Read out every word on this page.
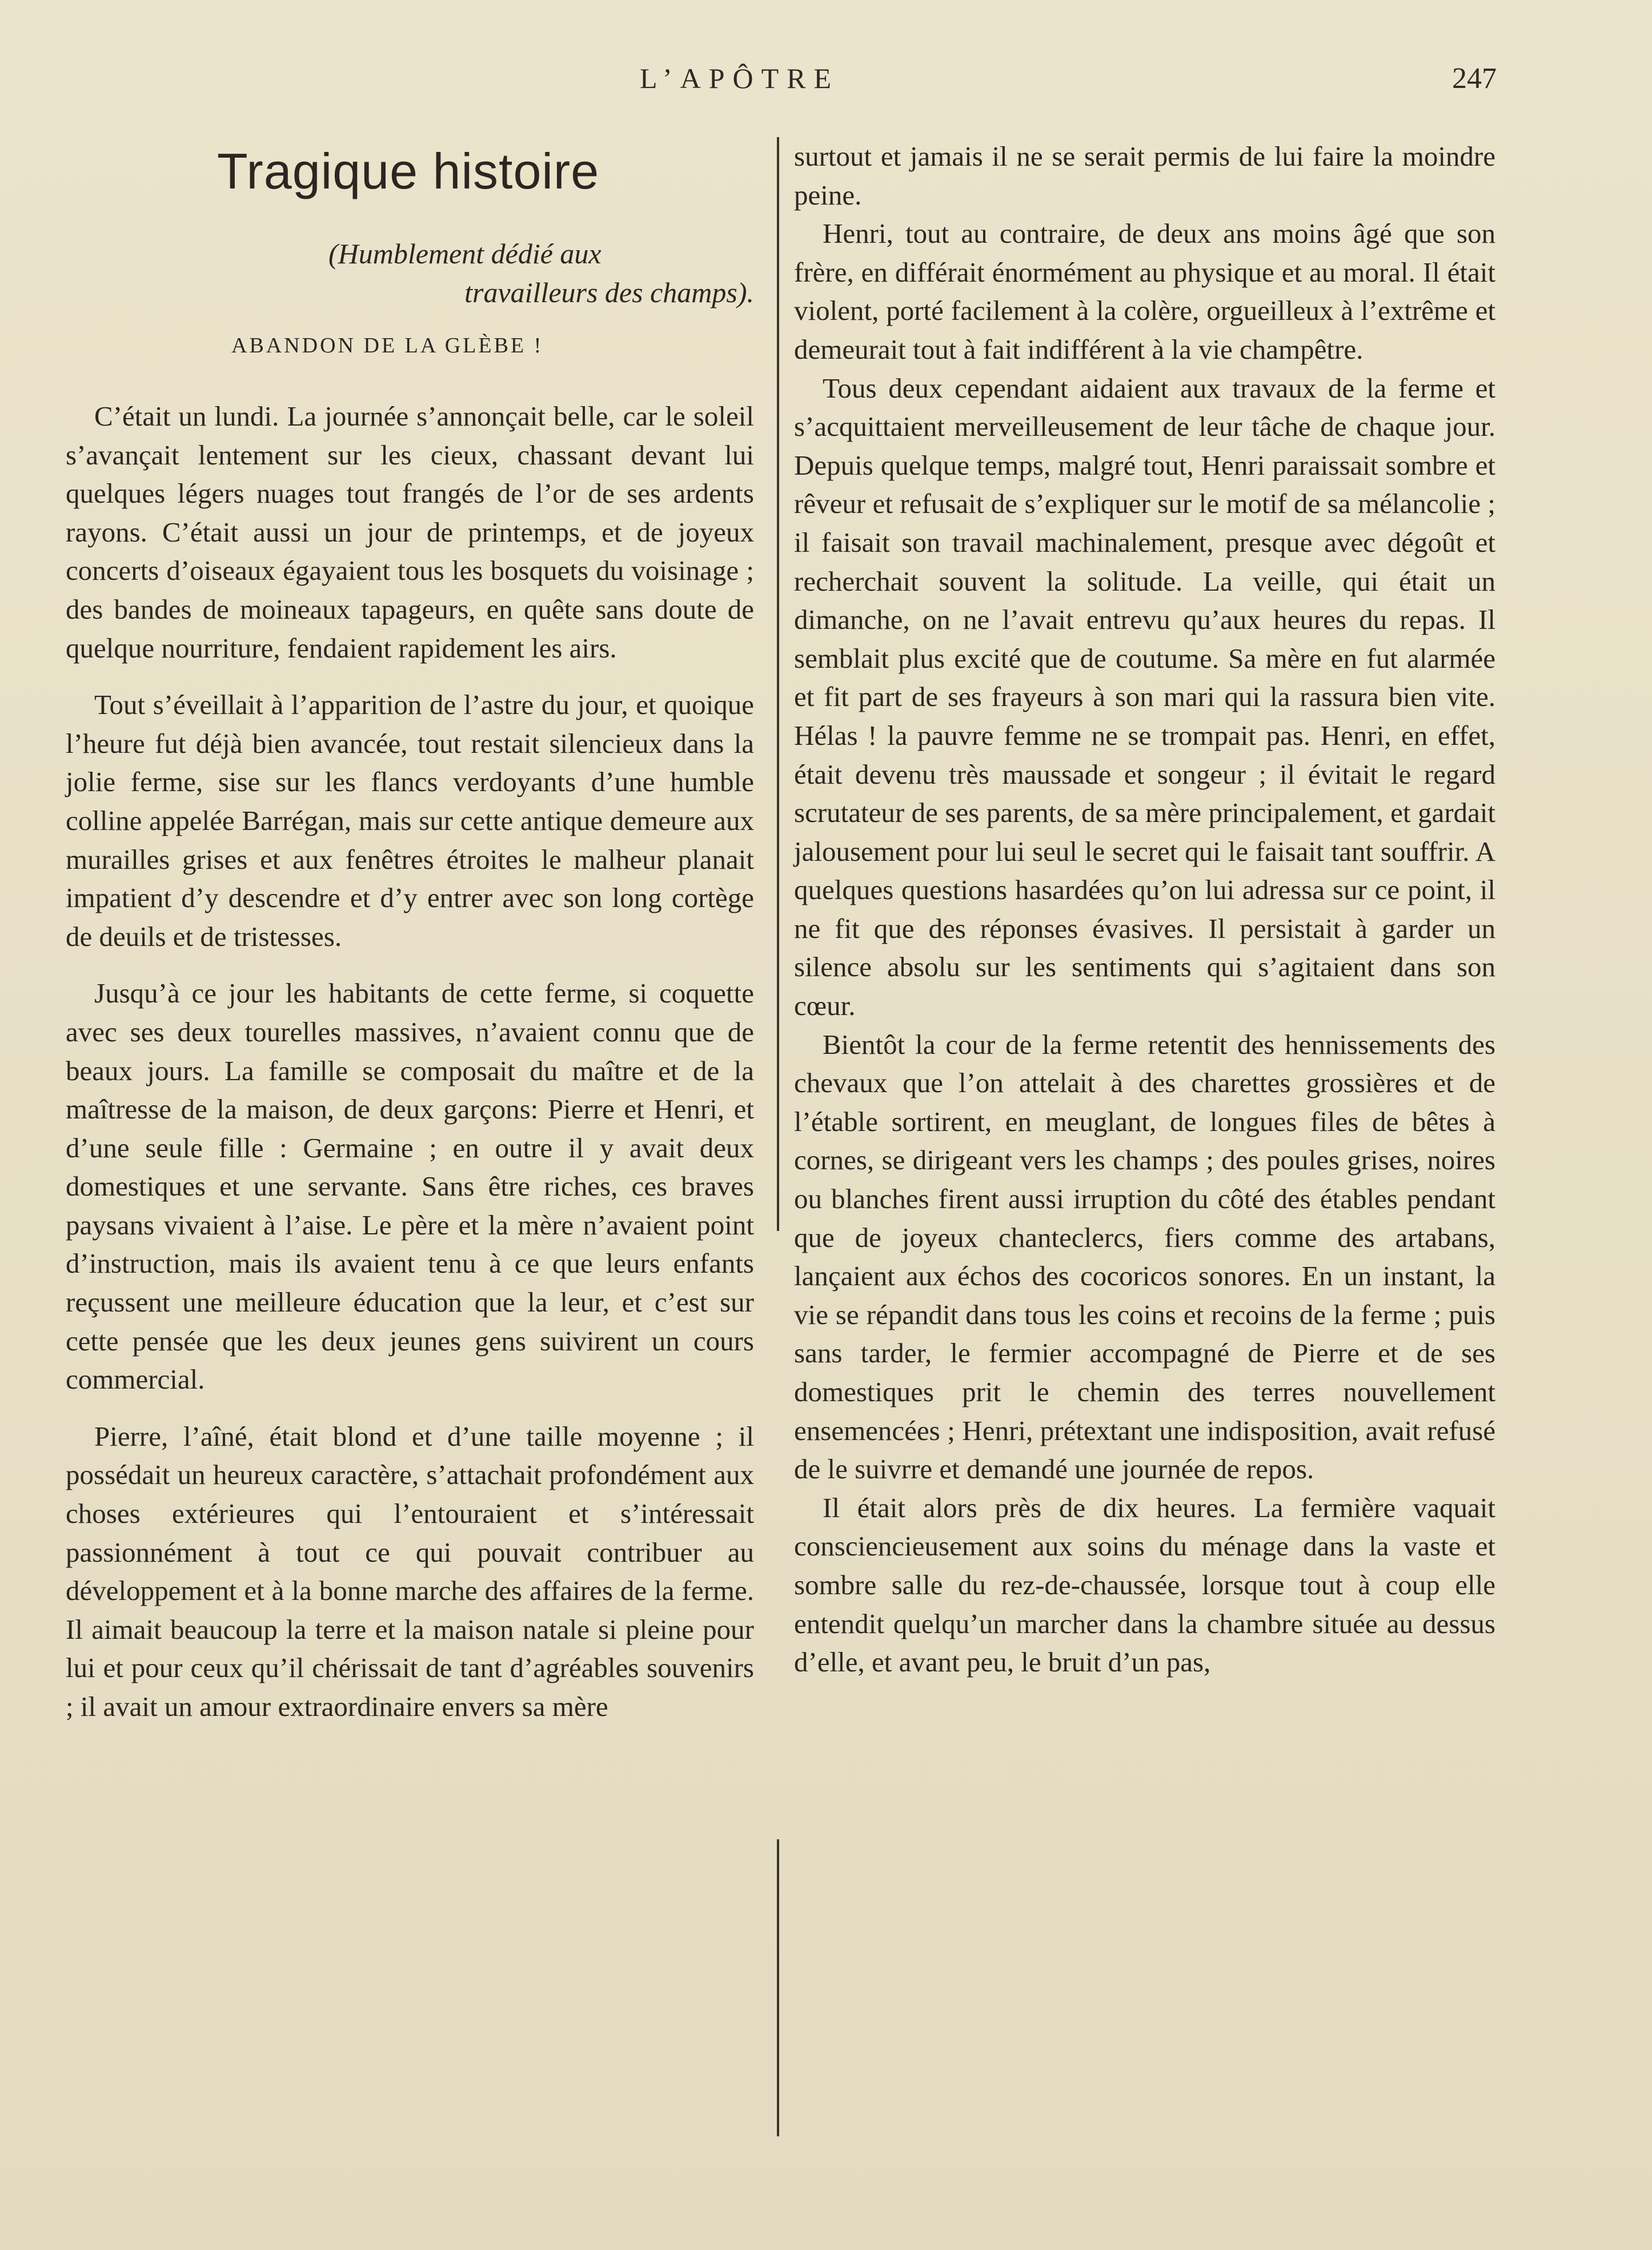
L’APÔTRE	247
Tragique histoire
(Humblement dédié aux
travailleurs des champs).
ABANDON DE LA GLÈBE !

C’était un lundi. La journée s’annonçait belle, car le soleil s’avançait lentement sur les cieux, chassant devant lui quelques légers nuages tout frangés de l’or de ses ardents rayons. C’était aussi un jour de printemps, et de joyeux concerts d’oiseaux égayaient tous les bosquets du voisinage ; des bandes de moineaux tapageurs, en quête sans doute de quelque nourriture, fendaient rapidement les airs.

Tout s’éveillait à l’apparition de l’astre du jour, et quoique l’heure fut déjà bien avancée, tout restait silencieux dans la jolie ferme, sise sur les flancs verdoyants d’une humble colline appelée Barrégan, mais sur cette antique demeure aux murailles grises et aux fenêtres étroites le malheur planait impatient d’y descendre et d’y entrer avec son long cortège de deuils et de tristesses.

Jusqu’à ce jour les habitants de cette ferme, si coquette avec ses deux tourelles massives, n’avaient connu que de beaux jours. La famille se composait du maître et de la maîtresse de la maison, de deux garçons: Pierre et Henri, et d’une seule fille : Germaine ; en outre il y avait deux domestiques et une servante. Sans être riches, ces braves paysans vivaient à l’aise. Le père et la mère n’avaient point d’instruction, mais ils avaient tenu à ce que leurs enfants reçussent une meilleure éducation que la leur, et c’est sur cette pensée que les deux jeunes gens suivirent un cours commercial.

Pierre, l’aîné, était blond et d’une taille moyenne ; il possédait un heureux caractère, s’attachait profondément aux choses extérieures qui l’entouraient et s’intéressait passionnément à tout ce qui pouvait contribuer au développement et à la bonne marche des affaires de la ferme. Il aimait beaucoup la terre et la maison natale si pleine pour lui et pour ceux qu’il chérissait de tant d’agréables souvenirs ; il avait un amour extraordinaire envers sa mère

surtout et jamais il ne se serait permis de lui faire la moindre peine.

Henri, tout au contraire, de deux ans moins âgé que son frère, en différait énormément au physique et au moral. Il était violent, porté facilement à la colère, orgueilleux à l’extrême et demeurait tout à fait indifférent à la vie champêtre.

Tous deux cependant aidaient aux travaux de la ferme et s’acquittaient merveilleusement de leur tâche de chaque jour. Depuis quelque temps, malgré tout, Henri paraissait sombre et rêveur et refusait de s’expliquer sur le motif de sa mélancolie ; il faisait son travail machinalement, presque avec dégoût et recherchait souvent la solitude. La veille, qui était un dimanche, on ne l’avait entrevu qu’aux heures du repas. Il semblait plus excité que de coutume. Sa mère en fut alarmée et fit part de ses frayeurs à son mari qui la rassura bien vite. Hélas ! la pauvre femme ne se trompait pas. Henri, en effet, était devenu très maussade et songeur ; il évitait le regard scrutateur de ses parents, de sa mère principalement, et gardait jalousement pour lui seul le secret qui le faisait tant souffrir. A quelques questions hasardées qu’on lui adressa sur ce point, il ne fit que des réponses évasives. Il persistait à garder un silence absolu sur les sentiments qui s’agitaient dans son cœur.

Bientôt la cour de la ferme retentit des hennissements des chevaux que l’on attelait à des charettes grossières et de l’étable sortirent, en meuglant, de longues files de bêtes à cornes, se dirigeant vers les champs ; des poules grises, noires ou blanches firent aussi irruption du côté des étables pendant que de joyeux chanteclercs, fiers comme des artabans, lançaient aux échos des cocoricos sonores. En un instant, la vie se répandit dans tous les coins et recoins de la ferme ; puis sans tarder, le fermier accompagné de Pierre et de ses domestiques prit le chemin des terres nouvellement ensemencées ; Henri, prétextant une indisposition, avait refusé de le suivrre et demandé une journée de repos.

Il était alors près de dix heures. La fermière vaquait consciencieusement aux soins du ménage dans la vaste et sombre salle du rez-de-chaussée, lorsque tout à coup elle entendit quelqu’un marcher dans la chambre située au dessus d’elle, et avant peu, le bruit d’un pas,
